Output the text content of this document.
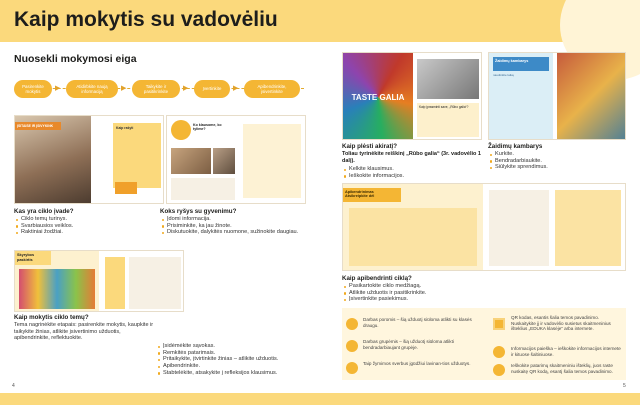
Kaip mokytis su vadovėliu
Nuosekli mokymosi eiga
Pasirenkite mokytis	▶	Atidirbkite naują informaciją	▶	Taikykite ir pasitikrinkite	▶	Įvertinkite	▶	Apibendrinkite, įsivertinkite
ĮSITAISE IR ĮSIVYKINK	Kaip rašyti
Ko klausome, ko tylime?
Kas yra ciklo įvade?
Ciklo temų turinys.
Svarbiausios veiklos.
Raktiniai žodžiai.
Koks ryšys su gyvenimu?
Įdomi informacija.
Prisiminkite, ka jau žinote.
Diskutuokite, dalykitės nuomone, sužinokite daugiau.
Skyrybos paskirtis
Kaip mokytis ciklo temų?
Tema nagrinėkite etapais: pasirenkite mokytis, kaupkite ir taikykite žinias, atlikite įsivertinimo užduotis, apibendrinkite, reflektuokite.
Įsidėmėkite sąvokas.
Remkitės patarimais.
Pritaikykite, įtvirtinkite žinias – atlikite užduotis.
Apibendrinkite.
Stabtelėkite, atsakykite į refleksijos klausimus.
TASTE GALIA
Kaip įprasminti save, „Rūbo galia“?
Žaidimų kambarys
naudinkite laiką
Kaip plėsti akiratį?
Toliau tyrinėkite reiškinį „Rūbo galia“ (3r. vadovėlio 1 dalį).
Kelkite klausimus.
Ieškokite informacijos.
Žaidimų kambarys
Kurkite.
Bendradarbiaukite.
Siūlykite sprendimus.
Apibendrinimas
Atsikreipkite dėl
Kaip apibendrinti ciklą?
Pasikartokite ciklo medžiagą.
Atlikite užduotis ir pasitikrinkite.
Įsivertinkite pasiekimus.
Darbas poromis – šią užduotį siūloma atlikti su klasės draugu.
Darbas grupėmis – šią užduotį siūloma atlikti bendradarbiaujant grupėje.
Taip žymimos sverbus įgūdžiui lavinan-tios užduotys.
QR kodas, esantis šalia temos pavadinimo. Nuskaitykite jį ir vadovėlio susietus skaitmeninius išteklius „EDUKA klasėje“ arba internete.
Informacijos paieška – ieškokite informacijos internete ir kituose šaltiniuose.
Ieškokite patarimų skaitmeniniu išteklių, juos raste nuskaitę QR kodą, esantį šalia temos pavadinimo.
4	5
